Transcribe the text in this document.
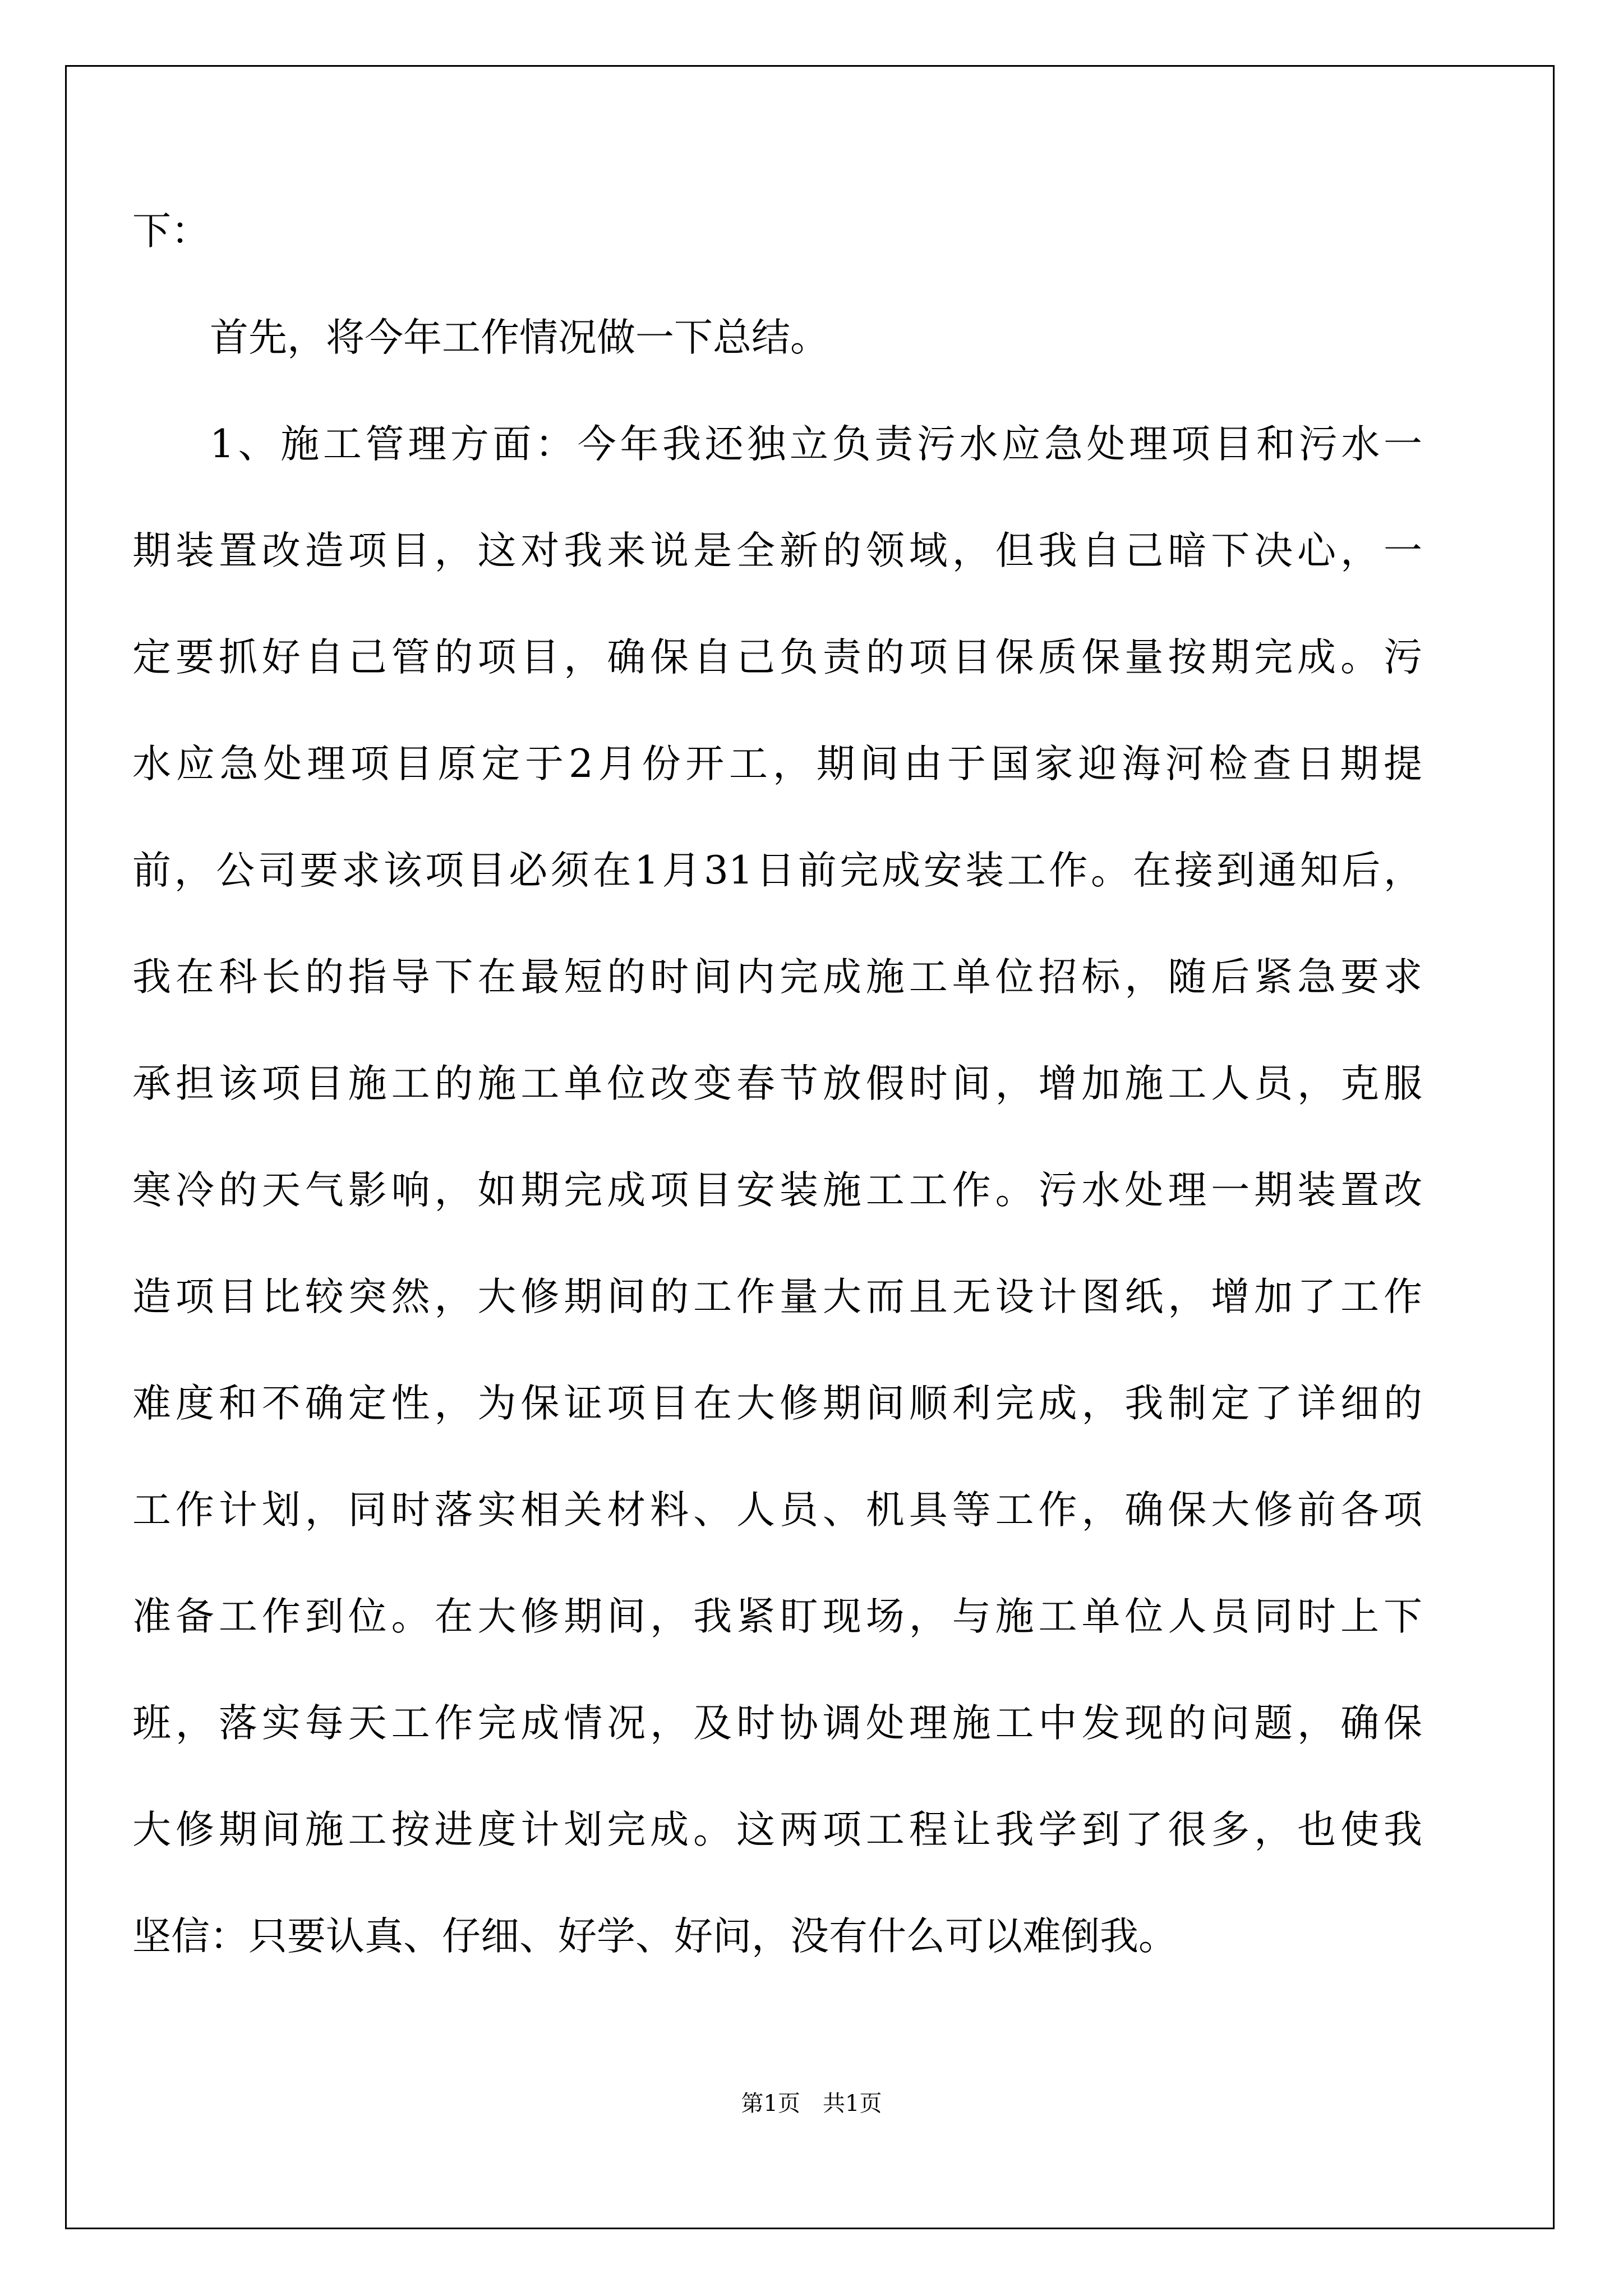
下：
首先，将今年工作情况做一下总结。
1、施工管理方面：今年我还独立负责污水应急处理项目和污水一
期装置改造项目，这对我来说是全新的领域，但我自己暗下决心，一
定要抓好自己管的项目，确保自己负责的项目保质保量按期完成。污
水应急处理项目原定于2月份开工，期间由于国家迎海河检查日期提
前，公司要求该项目必须在1月31日前完成安装工作。在接到通知后，
我在科长的指导下在最短的时间内完成施工单位招标，随后紧急要求
承担该项目施工的施工单位改变春节放假时间，增加施工人员，克服
寒冷的天气影响，如期完成项目安装施工工作。污水处理一期装置改
造项目比较突然，大修期间的工作量大而且无设计图纸，增加了工作
难度和不确定性，为保证项目在大修期间顺利完成，我制定了详细的
工作计划，同时落实相关材料、人员、机具等工作，确保大修前各项
准备工作到位。在大修期间，我紧盯现场，与施工单位人员同时上下
班，落实每天工作完成情况，及时协调处理施工中发现的问题，确保
大修期间施工按进度计划完成。这两项工程让我学到了很多，也使我
坚信：只要认真、仔细、好学、好问，没有什么可以难倒我。
第1页　共1页
